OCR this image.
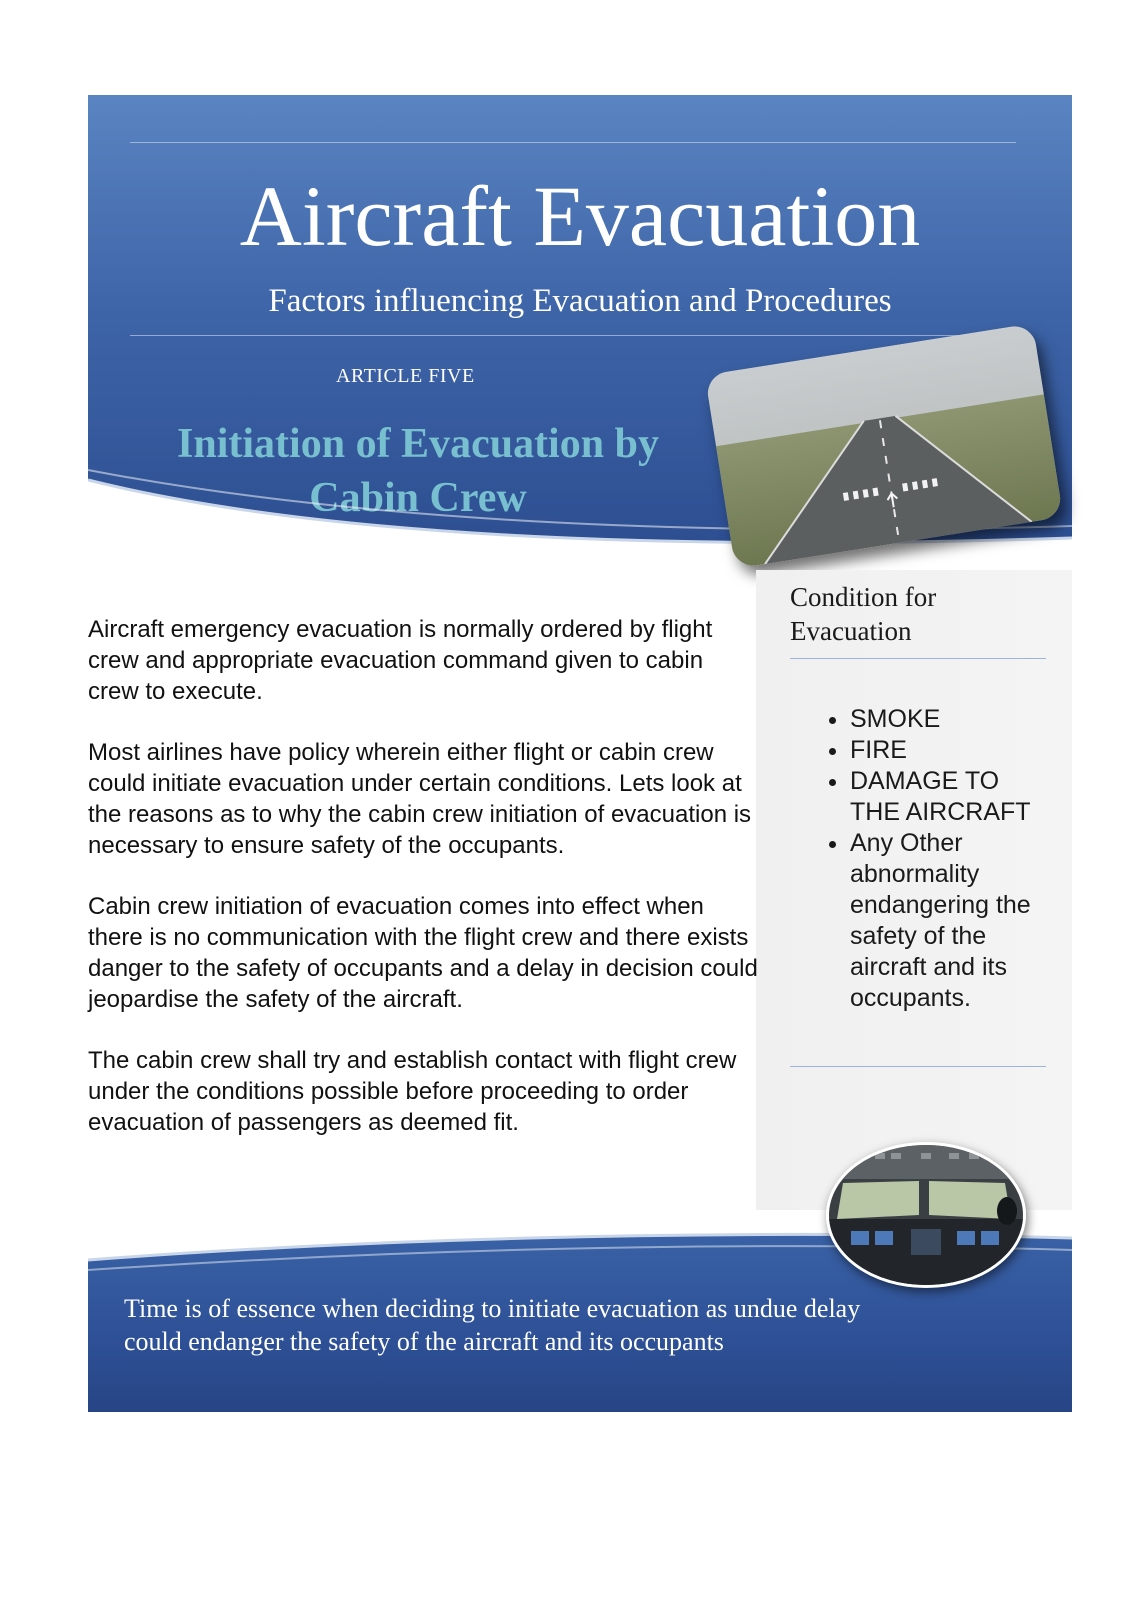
Aircraft Evacuation
Factors influencing Evacuation and Procedures
ARTICLE FIVE
Initiation of Evacuation by
Cabin Crew
Condition for
Evacuation
• SMOKE
• FIRE
• DAMAGE TO THE AIRCRAFT
• Any Other abnormality endangering the safety of the aircraft and its occupants.

Aircraft emergency evacuation is normally ordered by flight crew and appropriate evacuation command given to cabin crew to execute.

Most airlines have policy wherein either flight or cabin crew could initiate evacuation under certain conditions. Lets look at the reasons as to why the cabin crew initiation of evacuation is necessary to ensure safety of the occupants.

Cabin crew initiation of evacuation comes into effect when there is no communication with the flight crew and there exists danger to the safety of occupants and a delay in decision could jeopardise the safety of the aircraft.

The cabin crew shall try and establish contact with flight crew under the conditions possible before proceeding to order evacuation of passengers as deemed fit.

Time is of essence when deciding to initiate evacuation as undue delay could endanger the safety of the aircraft and its occupants
